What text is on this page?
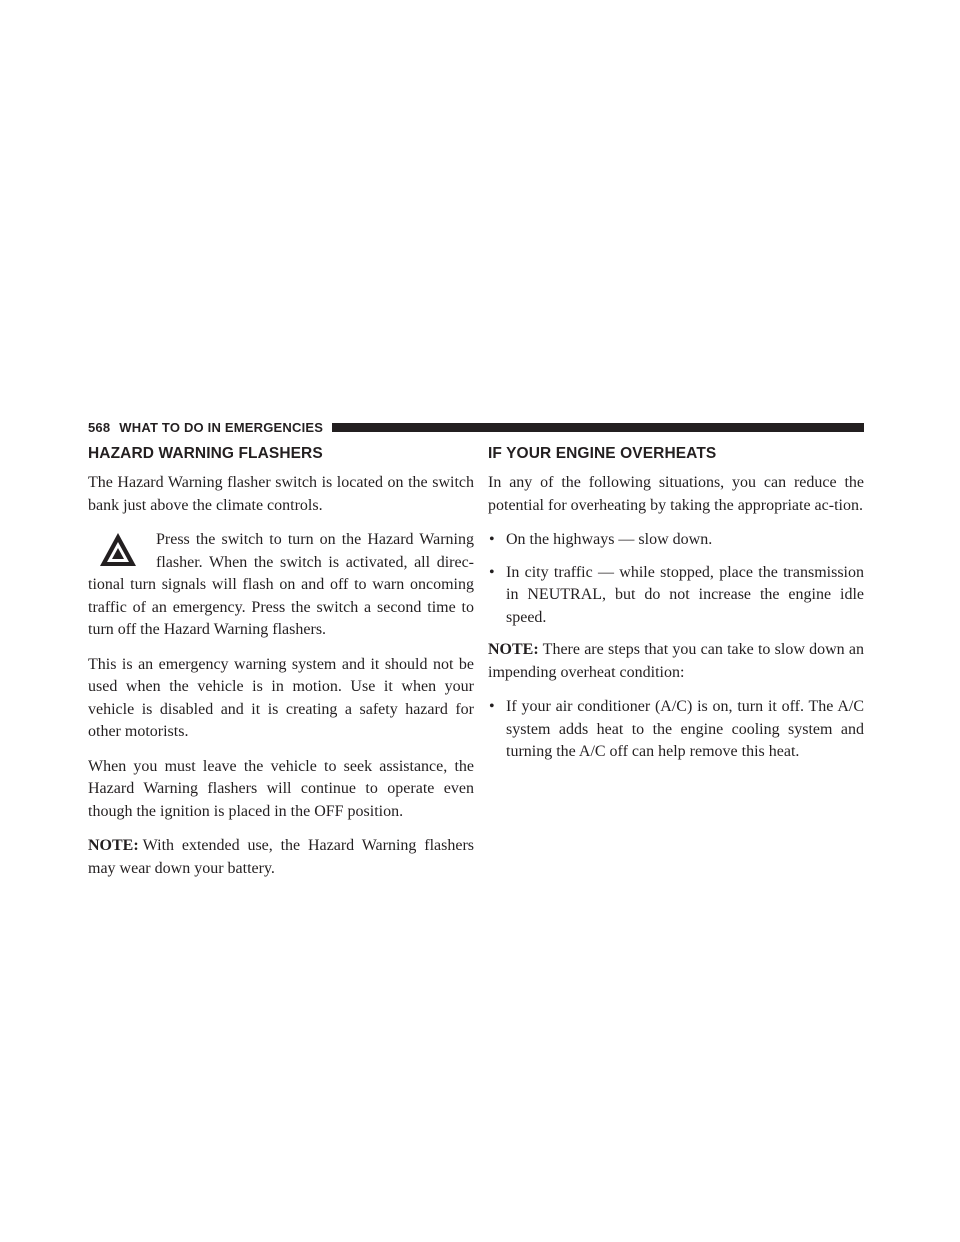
568 WHAT TO DO IN EMERGENCIES
HAZARD WARNING FLASHERS

The Hazard Warning flasher switch is located on the switch bank just above the climate controls.

Press the switch to turn on the Hazard Warning flasher. When the switch is activated, all direc-tional turn signals will flash on and off to warn oncoming traffic of an emergency. Press the switch a second time to turn off the Hazard Warning flashers.

This is an emergency warning system and it should not be used when the vehicle is in motion. Use it when your vehicle is disabled and it is creating a safety hazard for other motorists.

When you must leave the vehicle to seek assistance, the Hazard Warning flashers will continue to operate even though the ignition is placed in the OFF position.

NOTE: With extended use, the Hazard Warning flashers may wear down your battery.

IF YOUR ENGINE OVERHEATS

In any of the following situations, you can reduce the potential for overheating by taking the appropriate ac-tion.

• On the highways — slow down.
• In city traffic — while stopped, place the transmission in NEUTRAL, but do not increase the engine idle speed.

NOTE: There are steps that you can take to slow down an impending overheat condition:

• If your air conditioner (A/C) is on, turn it off. The A/C system adds heat to the engine cooling system and turning the A/C off can help remove this heat.
